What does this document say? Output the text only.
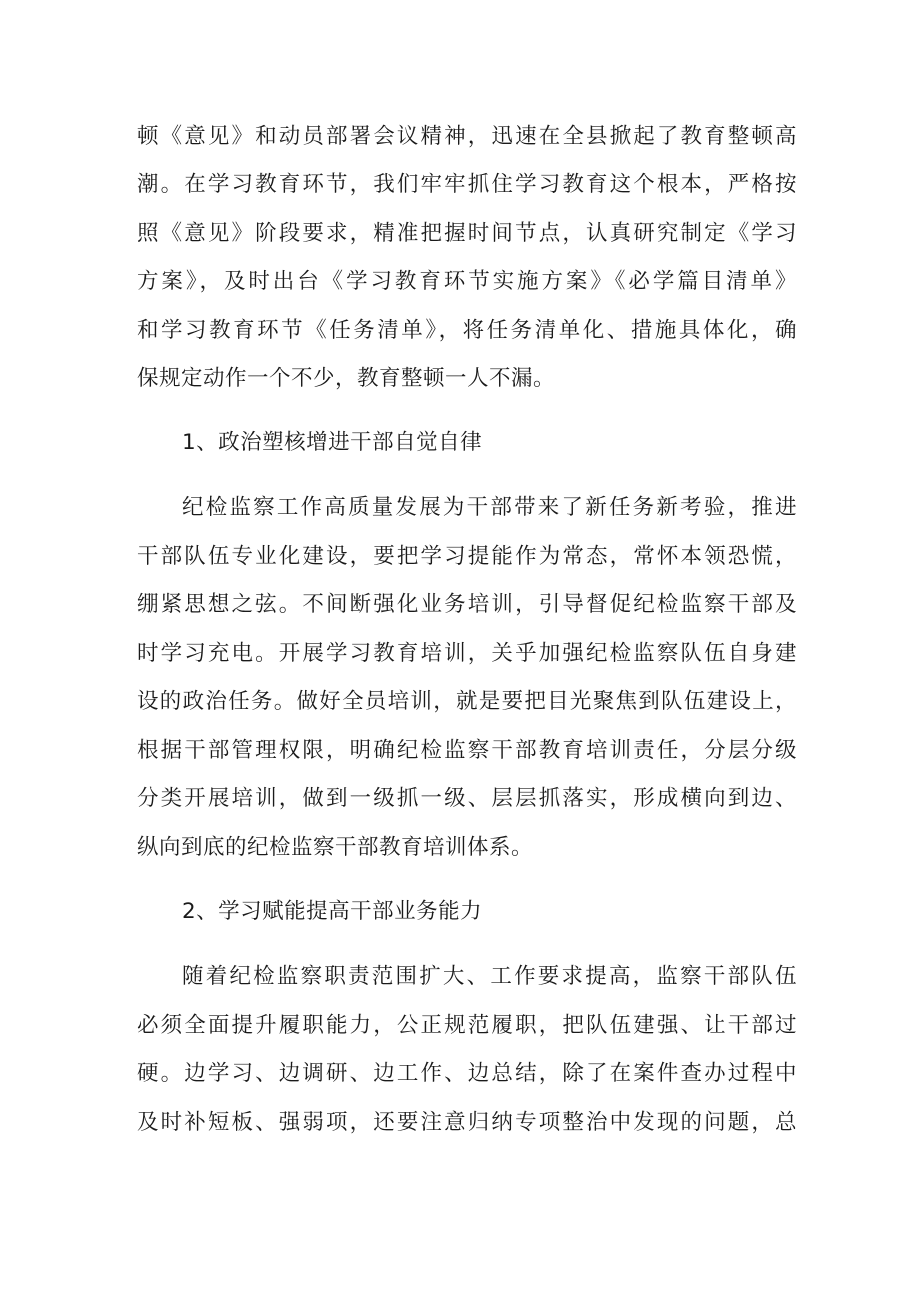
顿《意见》和动员部署会议精神，迅速在全县掀起了教育整顿高
潮。在学习教育环节，我们牢牢抓住学习教育这个根本，严格按
照《意见》阶段要求，精准把握时间节点，认真研究制定《学习
方案》，及时出台《学习教育环节实施方案》《必学篇目清单》
和学习教育环节《任务清单》，将任务清单化、措施具体化，确
保规定动作一个不少，教育整顿一人不漏。
1、政治塑核增进干部自觉自律
纪检监察工作高质量发展为干部带来了新任务新考验，推进
干部队伍专业化建设，要把学习提能作为常态，常怀本领恐慌，
绷紧思想之弦。不间断强化业务培训，引导督促纪检监察干部及
时学习充电。开展学习教育培训，关乎加强纪检监察队伍自身建
设的政治任务。做好全员培训，就是要把目光聚焦到队伍建设上，
根据干部管理权限，明确纪检监察干部教育培训责任，分层分级
分类开展培训，做到一级抓一级、层层抓落实，形成横向到边、
纵向到底的纪检监察干部教育培训体系。
2、学习赋能提高干部业务能力
随着纪检监察职责范围扩大、工作要求提高，监察干部队伍
必须全面提升履职能力，公正规范履职，把队伍建强、让干部过
硬。边学习、边调研、边工作、边总结，除了在案件查办过程中
及时补短板、强弱项，还要注意归纳专项整治中发现的问题，总
